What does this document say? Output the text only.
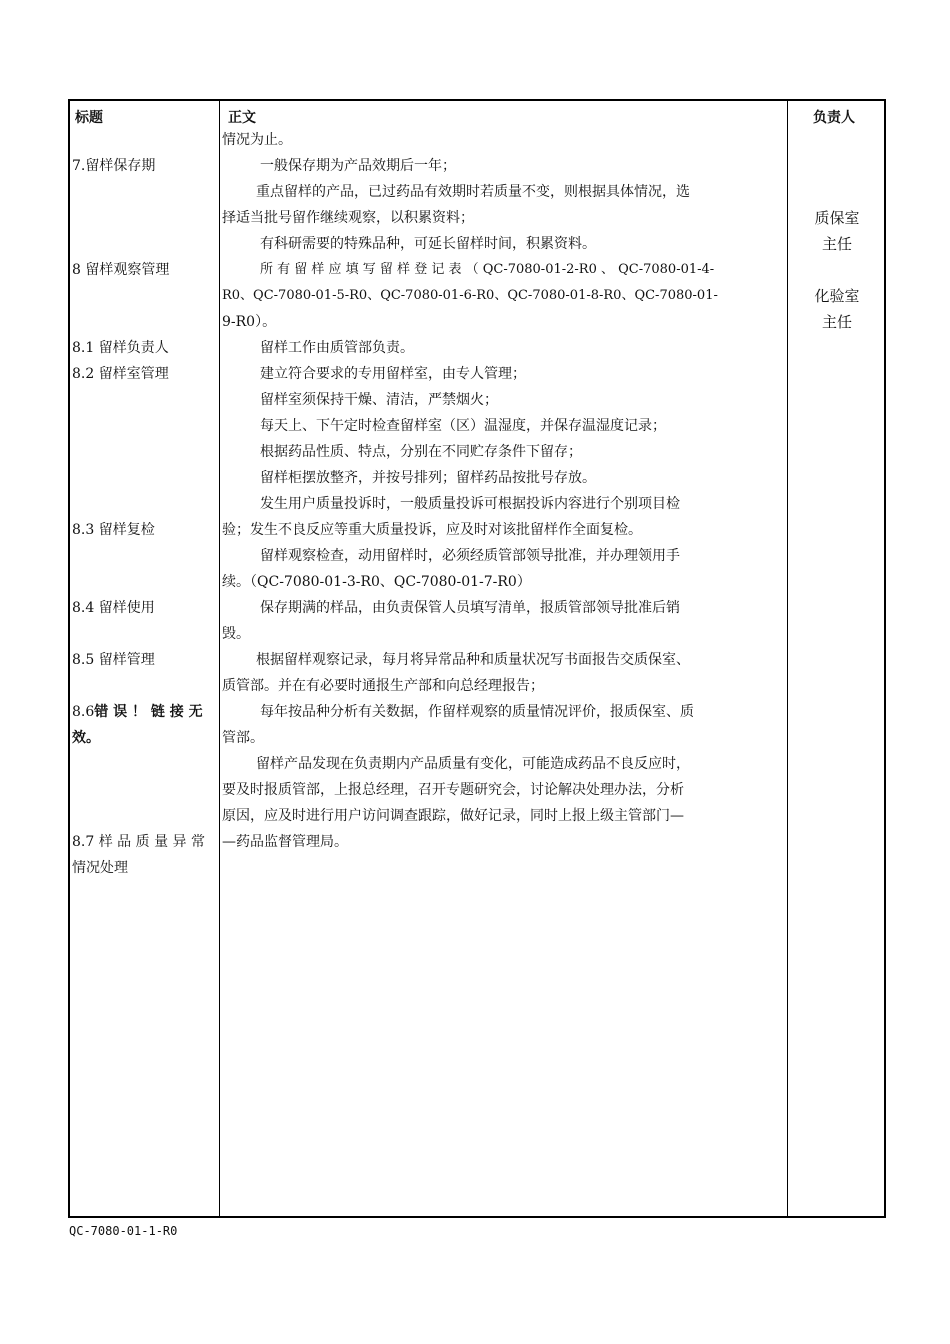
标题	正文	负责人
7.留样保存期
8 留样观察管理
8.1 留样负责人
8.2 留样室管理
8.3 留样复检
8.4 留样使用
8.5 留样管理
8.6错 误 ！ 链 接 无
效。
8.7 样 品 质 量 异 常
情况处理
情况为止。
一般保存期为产品效期后一年；
重点留样的产品，已过药品有效期时若质量不变，则根据具体情况，选
择适当批号留作继续观察，以积累资料；
有科研需要的特殊品种，可延长留样时间，积累资料。
所 有 留 样 应 填 写 留 样 登 记 表 （ QC-7080-01-2-R0 、 QC-7080-01-4-
R0、QC-7080-01-5-R0、QC-7080-01-6-R0、QC-7080-01-8-R0、QC-7080-01-
9-R0）。
留样工作由质管部负责。
建立符合要求的专用留样室，由专人管理；
留样室须保持干燥、清洁，严禁烟火；
每天上、下午定时检查留样室（区）温湿度，并保存温湿度记录；
根据药品性质、特点，分别在不同贮存条件下留存；
留样柜摆放整齐，并按号排列；留样药品按批号存放。
发生用户质量投诉时，一般质量投诉可根据投诉内容进行个别项目检
验；发生不良反应等重大质量投诉，应及时对该批留样作全面复检。
留样观察检查，动用留样时，必须经质管部领导批准，并办理领用手
续。（QC-7080-01-3-R0、QC-7080-01-7-R0）
保存期满的样品，由负责保管人员填写清单，报质管部领导批准后销
毁。
根据留样观察记录，每月将异常品种和质量状况写书面报告交质保室、
质管部。并在有必要时通报生产部和向总经理报告；
每年按品种分析有关数据，作留样观察的质量情况评价，报质保室、质
管部。
留样产品发现在负责期内产品质量有变化，可能造成药品不良反应时，
要及时报质管部，上报总经理，召开专题研究会，讨论解决处理办法，分析
原因，应及时进行用户访问调查跟踪，做好记录，同时上报上级主管部门—
—药品监督管理局。
质保室
主任
化验室
主任
QC-7080-01-1-R0
